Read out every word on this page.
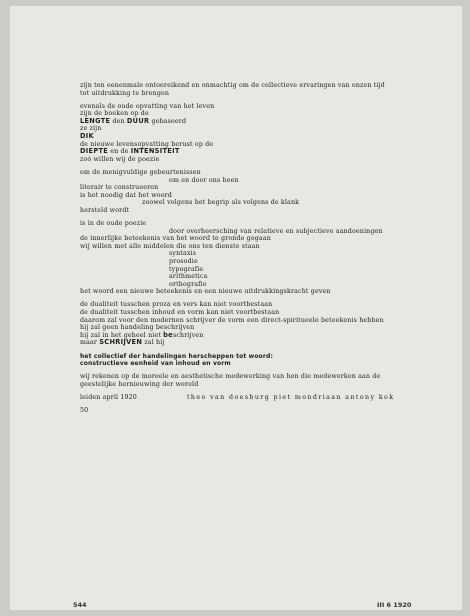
zijn ten eenenmale ontoereikend en onmachtig om de collectieve ervaringen van onzen tijd
tot uitdrukking te brengen
evenals de oude opvatting van het leven
zijn de boeken op de
LENGTE den DUUR gebaseerd
ze zijn
DIK
de nieuwe levensopvatting berust op de
DIEPTE en de INTENSITEIT
zoó willen wij de poezie
om de menigvuldige gebeurtenissen
om en door ons heen
literair te construeeren
is het noodig dat het woord
zoowel volgens het begrip als volgens de klank
hersteld wordt
is in de oude poezie
door overheersching van relatieve en subjectieve aandoeningen
de innerlijke beteekenis van het woord te gronde gegaan
wij willen met alle middelen die ons ten dienste staan
syntaxis
prosodie
typografie
arithmetica
orthografie
het woord een nieuwe beteekenis en een nieuwe uitdrukkingskracht geven
de dualiteit tusschen proza en vers kan niet voortbestaan
de dualiteit tusschen inhoud en vorm kan niet voortbestaan
daarom zal voor den modernen schrijver de vorm een direct-spiritueele beteekenis hebben
hij zal geen handeling beschrijven
hij zal in het geheel niet beschrijven
maar SCHRIJVEN zal hij
het collectief der handelingen herscheppen tot woord:
constructieve eenheid van inhoud en vorm
wij rekenen op de moreele en aesthetische medewerking van hen die medewerken aan de
geestelijke hernieuwing der wereld
leiden april 1920	theo van doesburg piet mondriaan antony kok
50
544	III 6 1920
